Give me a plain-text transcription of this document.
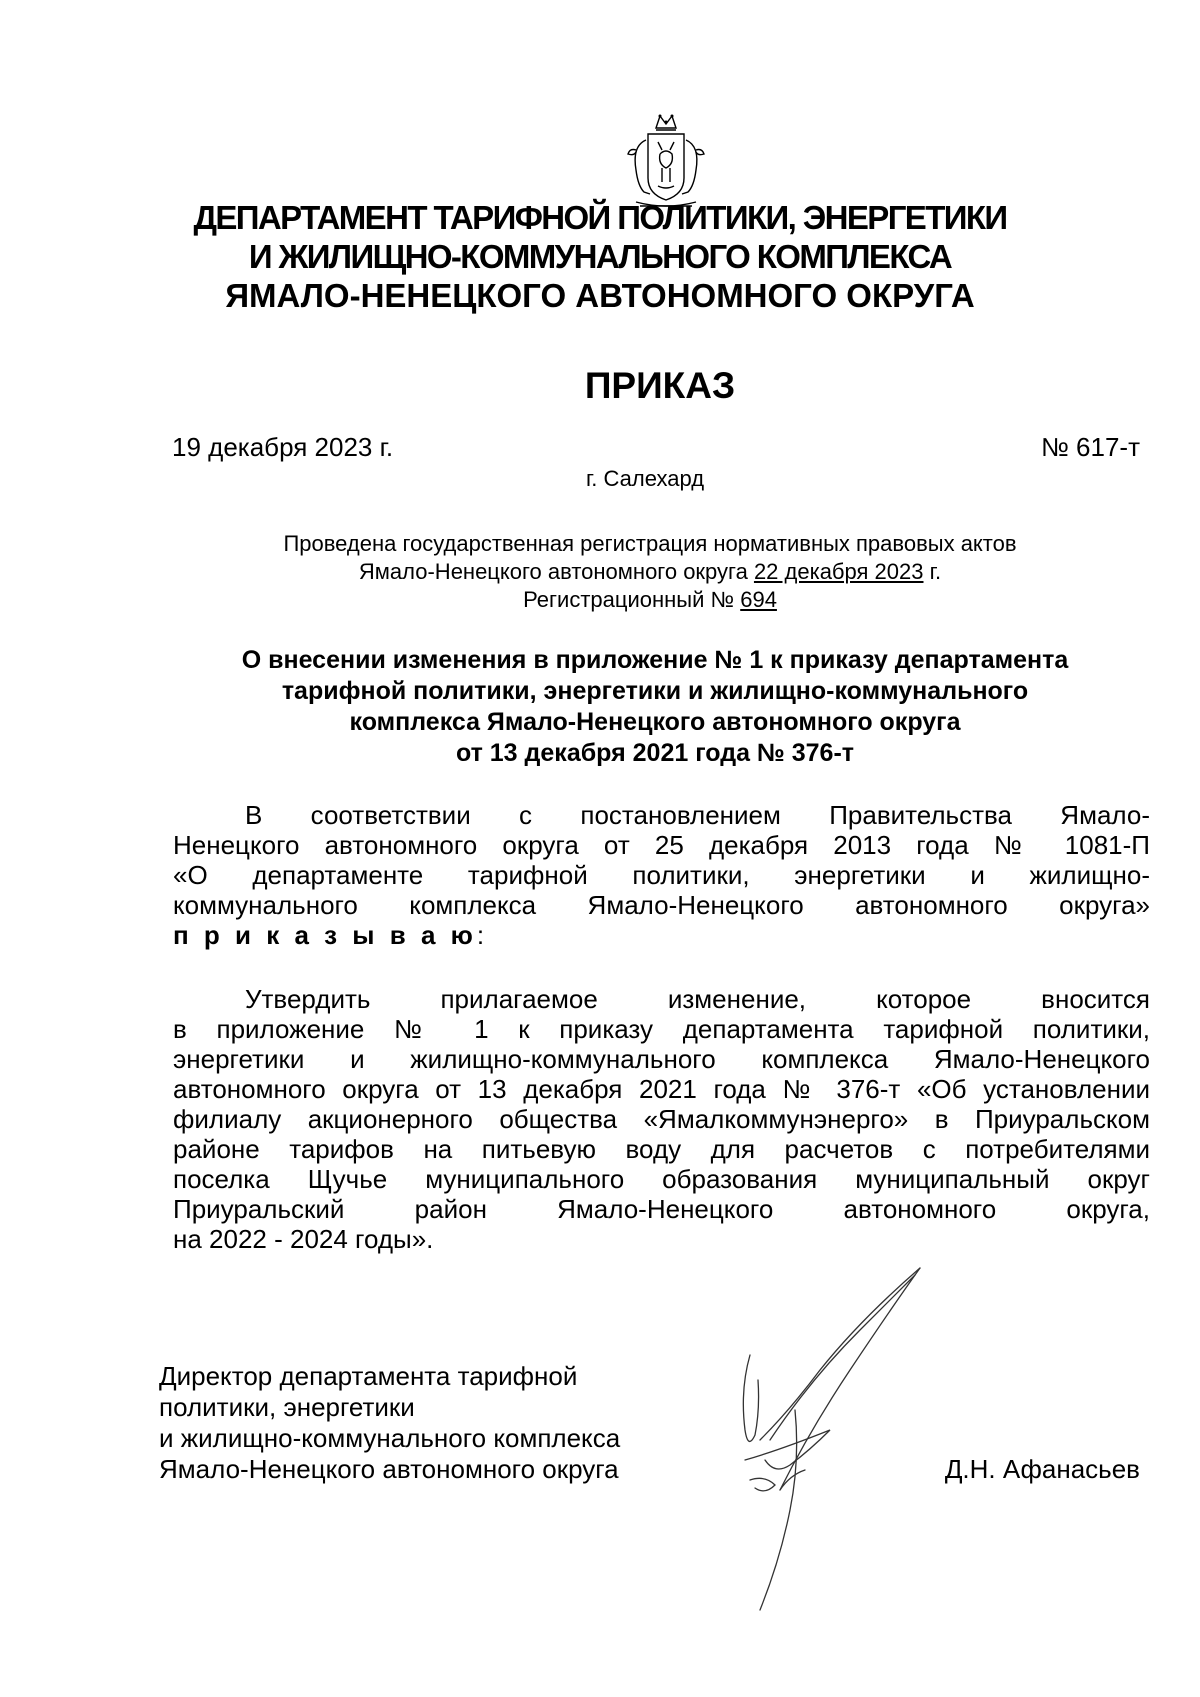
ДЕПАРТАМЕНТ ТАРИФНОЙ ПОЛИТИКИ, ЭНЕРГЕТИКИ
И ЖИЛИЩНО-КОММУНАЛЬНОГО КОМПЛЕКСА
ЯМАЛО-НЕНЕЦКОГО АВТОНОМНОГО ОКРУГА
ПРИКАЗ
19 декабря 2023 г.	№ 617-т
г. Салехард
Проведена государственная регистрация нормативных правовых актов
Ямало-Ненецкого автономного округа 22 декабря 2023 г.
Регистрационный № 694
О внесении изменения в приложение № 1 к приказу департамента
тарифной политики, энергетики и жилищно-коммунального
комплекса Ямало-Ненецкого автономного округа
от 13 декабря 2021 года № 376-т
В соответствии с постановлением Правительства Ямало-
Ненецкого автономного округа от 25 декабря 2013 года № 1081-П
«О департаменте тарифной политики, энергетики и жилищно-
коммунального комплекса Ямало-Ненецкого автономного округа»
п р и к а з ы в а ю:
Утвердить прилагаемое изменение, которое вносится
в приложение № 1 к приказу департамента тарифной политики,
энергетики и жилищно-коммунального комплекса Ямало-Ненецкого
автономного округа от 13 декабря 2021 года № 376-т «Об установлении
филиалу акционерного общества «Ямалкоммунэнерго» в Приуральском
районе тарифов на питьевую воду для расчетов с потребителями
поселка Щучье муниципального образования муниципальный округ
Приуральский район Ямало-Ненецкого автономного округа,
на 2022 - 2024 годы».
Директор департамента тарифной
политики, энергетики
и жилищно-коммунального комплекса
Ямало-Ненецкого автономного округа	Д.Н. Афанасьев
